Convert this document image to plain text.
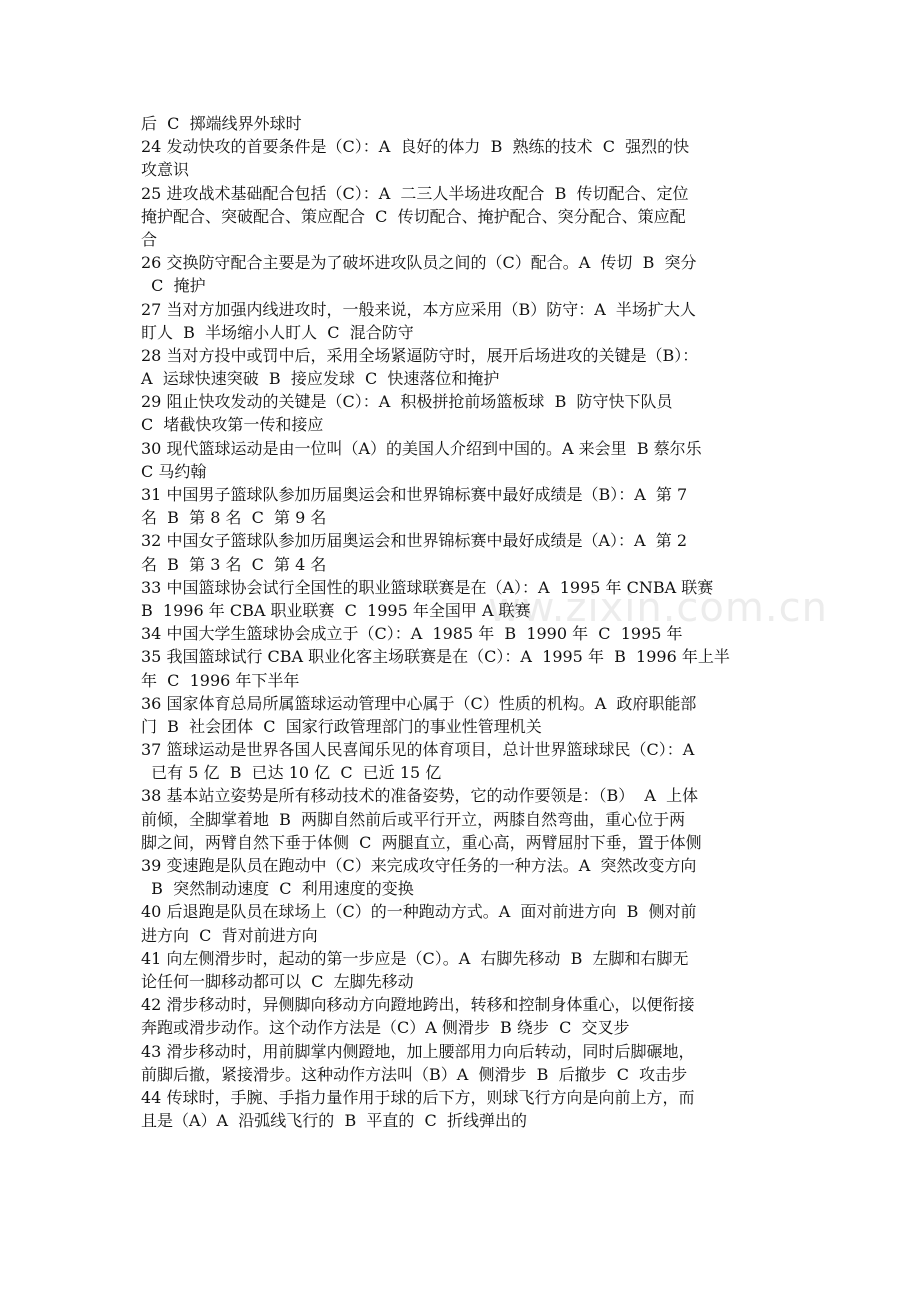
ww.zixin.com.cn
后  C  掷端线界外球时
24 发动快攻的首要条件是（C）：A  良好的体力  B  熟练的技术  C  强烈的快
攻意识
25 进攻战术基础配合包括（C）：A  二三人半场进攻配合  B  传切配合、定位
掩护配合、突破配合、策应配合  C  传切配合、掩护配合、突分配合、策应配
合
26 交换防守配合主要是为了破坏进攻队员之间的（C）配合。A  传切  B  突分
C  掩护
27 当对方加强内线进攻时，一般来说，本方应采用（B）防守：A  半场扩大人
盯人  B  半场缩小人盯人  C  混合防守
28 当对方投中或罚中后，采用全场紧逼防守时，展开后场进攻的关键是（B）：
A  运球快速突破  B  接应发球  C  快速落位和掩护
29 阻止快攻发动的关键是（C）：A  积极拼抢前场篮板球  B  防守快下队员
C  堵截快攻第一传和接应
30 现代篮球运动是由一位叫（A）的美国人介绍到中国的。A 来会里  B 蔡尔乐
C 马约翰
31 中国男子篮球队参加历届奥运会和世界锦标赛中最好成绩是（B）：A  第 7
名  B  第 8 名  C  第 9 名
32 中国女子篮球队参加历届奥运会和世界锦标赛中最好成绩是（A）：A  第 2
名  B  第 3 名  C  第 4 名
33 中国篮球协会试行全国性的职业篮球联赛是在（A）：A  1995 年 CNBA 联赛
B  1996 年 CBA 职业联赛  C  1995 年全国甲 A 联赛
34 中国大学生篮球协会成立于（C）：A  1985 年  B  1990 年  C  1995 年
35 我国篮球试行 CBA 职业化客主场联赛是在（C）：A  1995 年  B  1996 年上半
年  C  1996 年下半年
36 国家体育总局所属篮球运动管理中心属于（C）性质的机构。A  政府职能部
门  B  社会团体  C  国家行政管理部门的事业性管理机关
37 篮球运动是世界各国人民喜闻乐见的体育项目，总计世界篮球球民（C）：A
已有 5 亿  B  已达 10 亿  C  已近 15 亿
38 基本站立姿势是所有移动技术的准备姿势，它的动作要领是：（B）  A  上体
前倾，全脚掌着地  B  两脚自然前后或平行开立，两膝自然弯曲，重心位于两
脚之间，两臂自然下垂于体侧  C  两腿直立，重心高，两臂屈肘下垂，置于体侧
39 变速跑是队员在跑动中（C）来完成攻守任务的一种方法。A  突然改变方向
B  突然制动速度  C  利用速度的变换
40 后退跑是队员在球场上（C）的一种跑动方式。A  面对前进方向  B  侧对前
进方向  C  背对前进方向
41 向左侧滑步时，起动的第一步应是（C）。A  右脚先移动  B  左脚和右脚无
论任何一脚移动都可以  C  左脚先移动
42 滑步移动时，异侧脚向移动方向蹬地跨出，转移和控制身体重心，以便衔接
奔跑或滑步动作。这个动作方法是（C）A 侧滑步  B 绕步  C  交叉步
43 滑步移动时，用前脚掌内侧蹬地，加上腰部用力向后转动，同时后脚碾地，
前脚后撤，紧接滑步。这种动作方法叫（B）A  侧滑步  B  后撤步  C  攻击步
44 传球时，手腕、手指力量作用于球的后下方，则球飞行方向是向前上方，而
且是（A）A  沿弧线飞行的  B  平直的  C  折线弹出的
